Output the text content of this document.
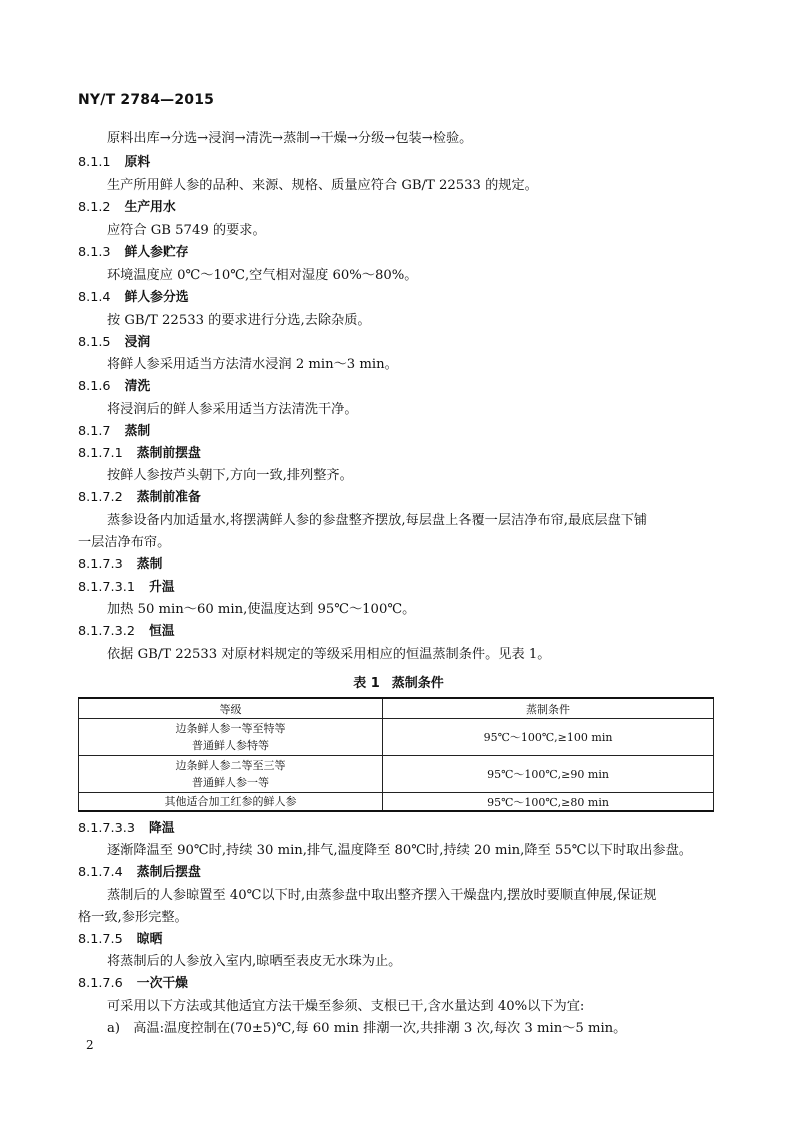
NY/T 2784—2015
原料出库→分选→浸润→清洗→蒸制→干燥→分级→包装→检验。
8.1.1 原料
生产所用鲜人参的品种、来源、规格、质量应符合 GB/T 22533 的规定。
8.1.2 生产用水
应符合 GB 5749 的要求。
8.1.3 鲜人参贮存
环境温度应 0℃～10℃,空气相对湿度 60%～80%。
8.1.4 鲜人参分选
按 GB/T 22533 的要求进行分选,去除杂质。
8.1.5 浸润
将鲜人参采用适当方法清水浸润 2 min～3 min。
8.1.6 清洗
将浸润后的鲜人参采用适当方法清洗干净。
8.1.7 蒸制
8.1.7.1 蒸制前摆盘
按鲜人参按芦头朝下,方向一致,排列整齐。
8.1.7.2 蒸制前准备
蒸参设备内加适量水,将摆满鲜人参的参盘整齐摆放,每层盘上各覆一层洁净布帘,最底层盘下铺
一层洁净布帘。
8.1.7.3 蒸制
8.1.7.3.1 升温
加热 50 min～60 min,使温度达到 95℃～100℃。
8.1.7.3.2 恒温
依据 GB/T 22533 对原材料规定的等级采用相应的恒温蒸制条件。见表 1。
表 1 蒸制条件
等级	蒸制条件

边条鲜人参一等至特等
普通鲜人参特等	95℃～100℃,≥100 min

边条鲜人参二等至三等
普通鲜人参一等	95℃～100℃,≥90 min

其他适合加工红参的鲜人参	95℃～100℃,≥80 min
8.1.7.3.3 降温
逐渐降温至 90℃时,持续 30 min,排气,温度降至 80℃时,持续 20 min,降至 55℃以下时取出参盘。
8.1.7.4 蒸制后摆盘
蒸制后的人参晾置至 40℃以下时,由蒸参盘中取出整齐摆入干燥盘内,摆放时要顺直伸展,保证规
格一致,参形完整。
8.1.7.5 晾晒
将蒸制后的人参放入室内,晾晒至表皮无水珠为止。
8.1.7.6 一次干燥
可采用以下方法或其他适宜方法干燥至参须、支根已干,含水量达到 40%以下为宜:
a)　高温:温度控制在(70±5)℃,每 60 min 排潮一次,共排潮 3 次,每次 3 min～5 min。
2
